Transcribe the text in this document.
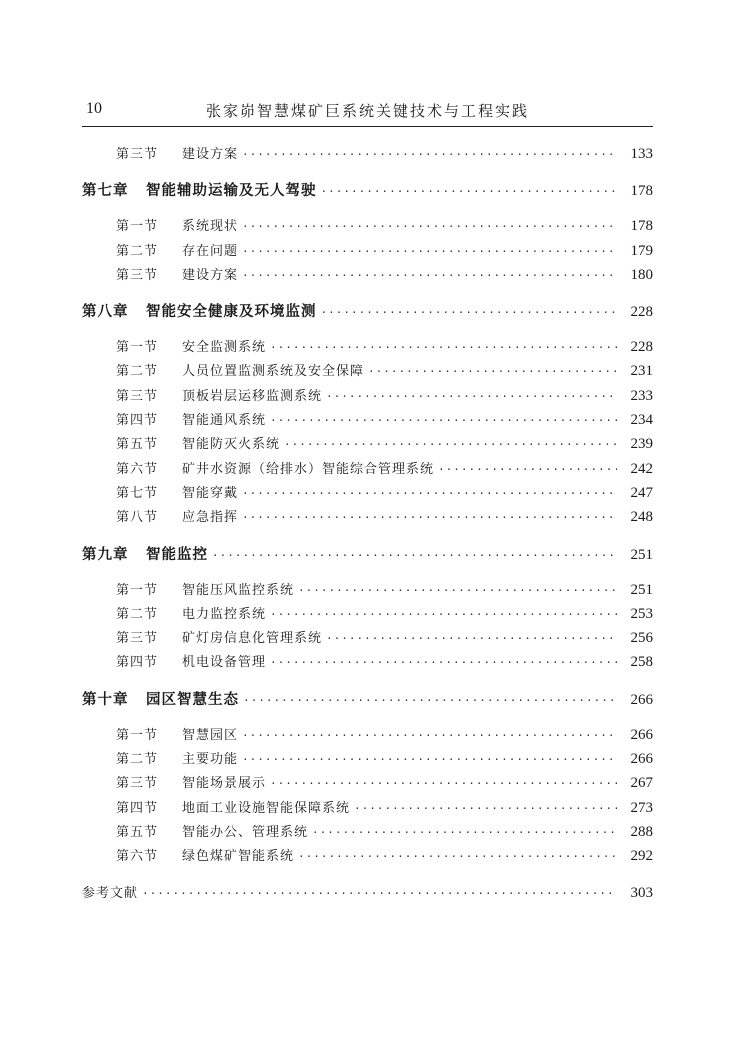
10	张家峁智慧煤矿巨系统关键技术与工程实践
第三节	建设方案 ·····	133
第七章	智能辅助运输及无人驾驶 ·····	178
第一节	系统现状 ·····	178
第二节	存在问题 ·····	179
第三节	建设方案 ·····	180
第八章	智能安全健康及环境监测 ·····	228
第一节	安全监测系统 ·····	228
第二节	人员位置监测系统及安全保障 ·····	231
第三节	顶板岩层运移监测系统 ·····	233
第四节	智能通风系统 ·····	234
第五节	智能防灭火系统 ·····	239
第六节	矿井水资源（给排水）智能综合管理系统 ·····	242
第七节	智能穿戴 ·····	247
第八节	应急指挥 ·····	248
第九章	智能监控 ·····	251
第一节	智能压风监控系统 ·····	251
第二节	电力监控系统 ·····	253
第三节	矿灯房信息化管理系统 ·····	256
第四节	机电设备管理 ·····	258
第十章	园区智慧生态 ·····	266
第一节	智慧园区 ·····	266
第二节	主要功能 ·····	266
第三节	智能场景展示 ·····	267
第四节	地面工业设施智能保障系统 ·····	273
第五节	智能办公、管理系统 ·····	288
第六节	绿色煤矿智能系统 ·····	292
参考文献 ·····	303
